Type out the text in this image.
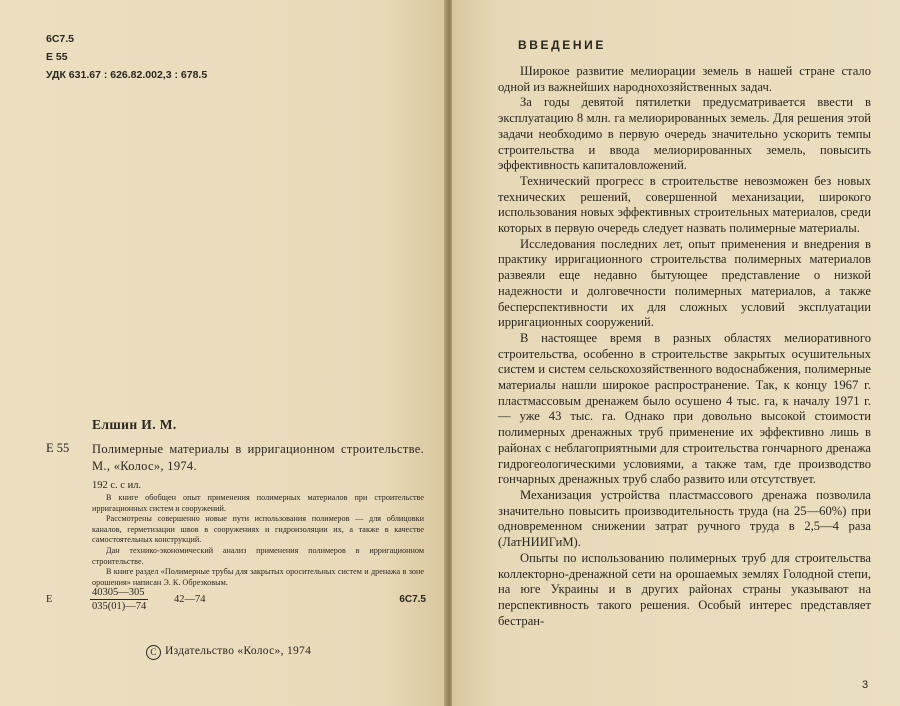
6С7.5
Е 55
УДК 631.67 : 626.82.002,3 : 678.5
Елшин И. М.
Е 55 Полимерные материалы в ирригационном строительстве. М., «Колос», 1974.
192 с. с ил.

В книге обобщен опыт применения полимерных материалов при строительстве ирригационных систем и сооружений.

Рассмотрены совершенно новые пути использования полимеров — для облицовки каналов, герметизации швов в сооружениях и гидроизоляции их, а также в качестве самостоятельных конструкций.

Дан технико-экономический анализ применения полимеров в ирригационном строительстве.

В книге раздел «Полимерные трубы для закрытых оросительных систем и дренажа в зоне орошения» написан Э. К. Обрезковым.

Е	$\frac{40305—305}{035(01)—74}$ 42—74	6С7.5
С Издательство «Колос», 1974
ВВЕДЕНИЕ

Широкое развитие мелиорации земель в нашей стране стало одной из важнейших народнохозяйственных задач.

За годы девятой пятилетки предусматривается ввести в эксплуатацию 8 млн. га мелиорированных земель. Для решения этой задачи необходимо в первую очередь значительно ускорить темпы строительства и ввода мелиорированных земель, повысить эффективность капиталовложений.

Технический прогресс в строительстве невозможен без новых технических решений, совершенной механизации, широкого использования новых эффективных строительных материалов, среди которых в первую очередь следует назвать полимерные материалы.

Исследования последних лет, опыт применения и внедрения в практику ирригационного строительства полимерных материалов развеяли еще недавно бытующее представление о низкой надежности и долговечности полимерных материалов, а также бесперспективности их для сложных условий эксплуатации ирригационных сооружений.

В настоящее время в разных областях мелиоративного строительства, особенно в строительстве закрытых осушительных систем и систем сельскохозяйственного водоснабжения, полимерные материалы нашли широкое распространение. Так, к концу 1967 г. пластмассовым дренажем было осушено 4 тыс. га, к началу 1971 г. — уже 43 тыс. га. Однако при довольно высокой стоимости полимерных дренажных труб применение их эффективно лишь в районах с неблагоприятными для строительства гончарного дренажа гидрогеологическими условиями, а также там, где производство гончарных дренажных труб слабо развито или отсутствует.

Механизация устройства пластмассового дренажа позволила значительно повысить производительность труда (на 25—60%) при одновременном снижении затрат ручного труда в 2,5—4 раза (ЛатНИИГиМ).

Опыты по использованию полимерных труб для строительства коллекторно-дренажной сети на орошаемых землях Голодной степи, на юге Украины и в других районах страны указывают на перспективность такого решения. Особый интерес представляет бестран-

3
